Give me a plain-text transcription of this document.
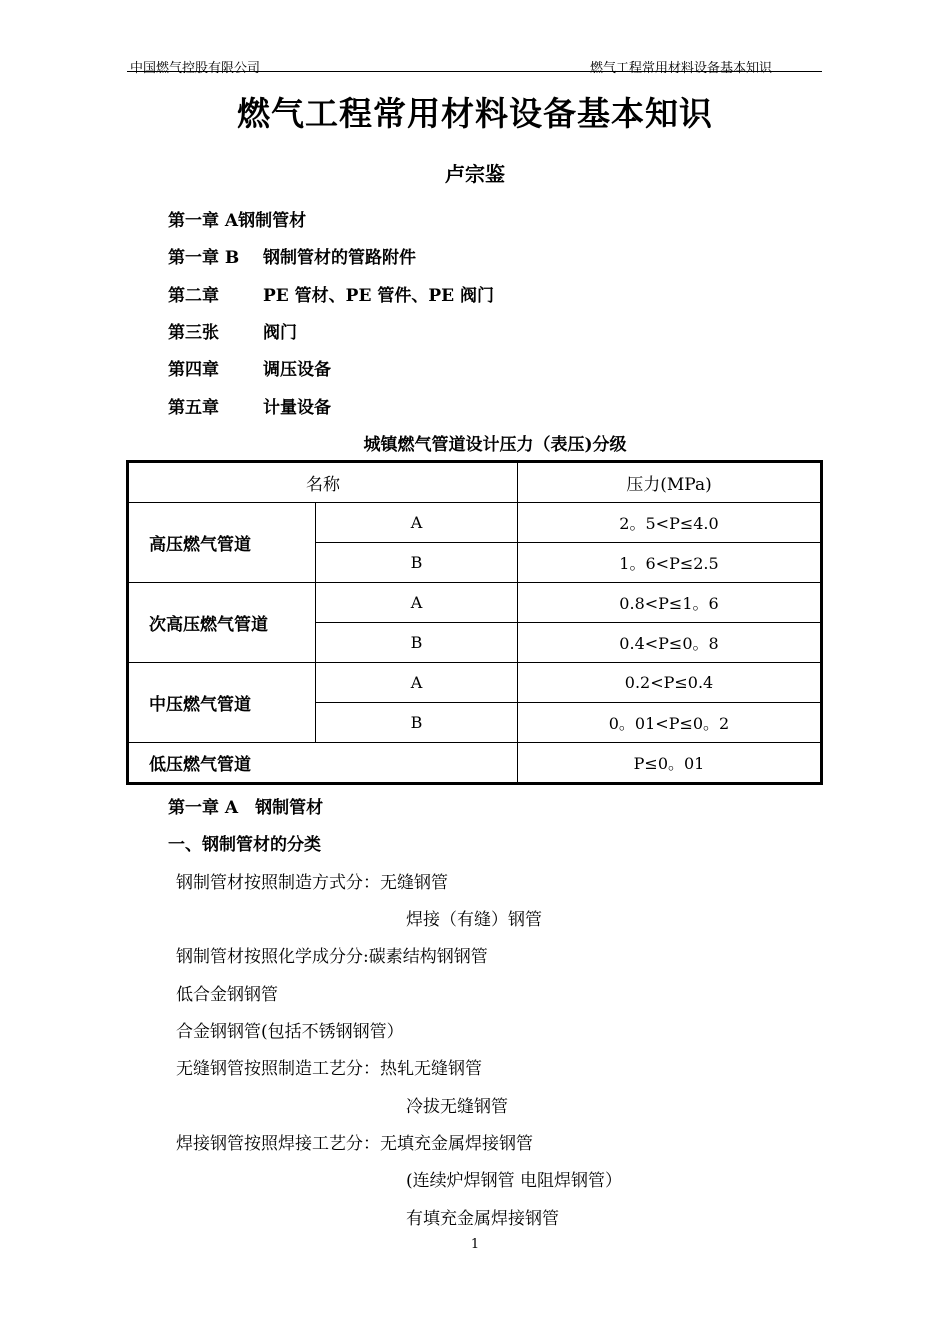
中国燃气控股有限公司	燃气工程常用材料设备基本知识
燃气工程常用材料设备基本知识
卢宗鉴
第一章 A钢制管材
第一章 B 钢制管材的管路附件
第二章	PE 管材、PE 管件、PE 阀门
第三张	阀门
第四章	调压设备
第五章	计量设备
城镇燃气管道设计压力（表压)分级
名称		压力(MPa)
高压燃气管道	A	2。5<P≤4.0
	B	1。6<P≤2.5
次高压燃气管道	A	0.8<P≤1。6
	B	0.4<P≤0。8
中压燃气管道	A	0.2<P≤0.4
	B	0。01<P≤0。2
低压燃气管道		P≤0。01
第一章 A　钢制管材
一、钢制管材的分类
钢制管材按照制造方式分：无缝钢管
焊接（有缝）钢管
钢制管材按照化学成分分:碳素结构钢钢管
低合金钢钢管
合金钢钢管(包括不锈钢钢管）
无缝钢管按照制造工艺分：热轧无缝钢管
冷拔无缝钢管
焊接钢管按照焊接工艺分：无填充金属焊接钢管
(连续炉焊钢管 电阻焊钢管）
有填充金属焊接钢管
1
